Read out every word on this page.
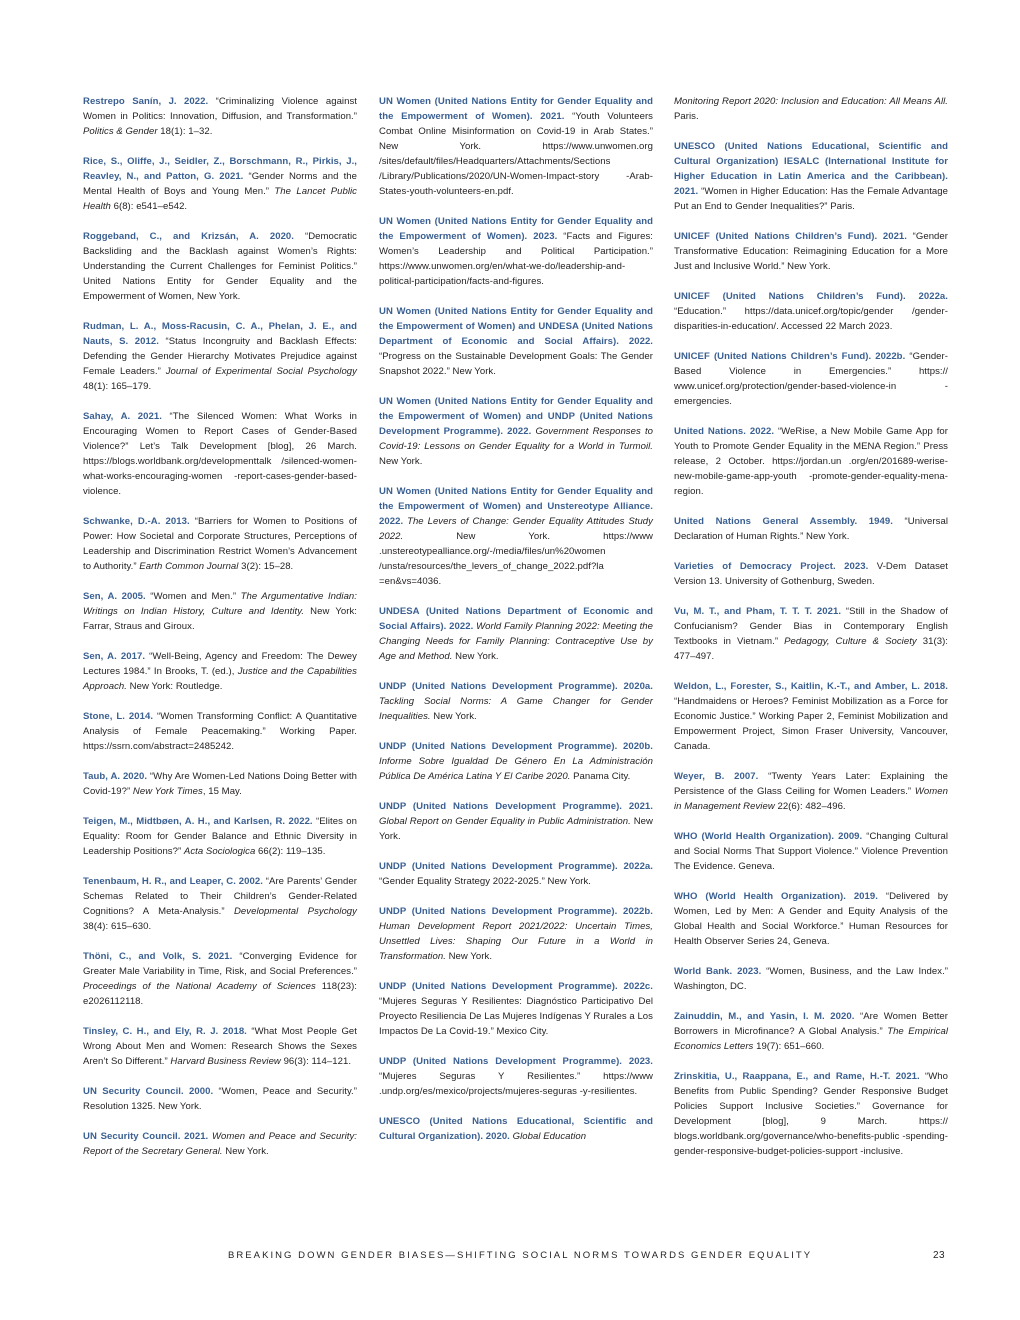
Restrepo Sanín, J. 2022. “Criminalizing Violence against Women in Politics: Innovation, Diffusion, and Transformation.” Politics & Gender 18(1): 1–32.

Rice, S., Oliffe, J., Seidler, Z., Borschmann, R., Pirkis, J., Reavley, N., and Patton, G. 2021. “Gender Norms and the Mental Health of Boys and Young Men.” The Lancet Public Health 6(8): e541–e542.

Roggeband, C., and Krizsán, A. 2020. “Democratic Backsliding and the Backlash against Women’s Rights: Understanding the Current Challenges for Feminist Politics.” United Nations Entity for Gender Equality and the Empowerment of Women, New York.

Rudman, L. A., Moss-Racusin, C. A., Phelan, J. E., and Nauts, S. 2012. “Status Incongruity and Backlash Effects: Defending the Gender Hierarchy Motivates Prejudice against Female Leaders.” Journal of Experimental Social Psychology 48(1): 165–179.

Sahay, A. 2021. “The Silenced Women: What Works in Encouraging Women to Report Cases of Gender-Based Violence?” Let’s Talk Development [blog], 26 March. https://blogs.worldbank.org/developmenttalk /silenced-women-what-works-encouraging-women -report-cases-gender-based-violence.

Schwanke, D.-A. 2013. “Barriers for Women to Positions of Power: How Societal and Corporate Structures, Perceptions of Leadership and Discrimination Restrict Women’s Advancement to Authority.” Earth Common Journal 3(2): 15–28.

Sen, A. 2005. “Women and Men.” The Argumentative Indian: Writings on Indian History, Culture and Identity. New York: Farrar, Straus and Giroux.

Sen, A. 2017. “Well-Being, Agency and Freedom: The Dewey Lectures 1984.” In Brooks, T. (ed.), Justice and the Capabilities Approach. New York: Routledge.

Stone, L. 2014. “Women Transforming Conflict: A Quantitative Analysis of Female Peacemaking.” Working Paper. https://ssrn.com/abstract=2485242.

Taub, A. 2020. “Why Are Women-Led Nations Doing Better with Covid-19?” New York Times, 15 May.

Teigen, M., Midtbøen, A. H., and Karlsen, R. 2022. “Elites on Equality: Room for Gender Balance and Ethnic Diversity in Leadership Positions?” Acta Sociologica 66(2): 119–135.

Tenenbaum, H. R., and Leaper, C. 2002. “Are Parents’ Gender Schemas Related to Their Children’s Gender-Related Cognitions? A Meta-Analysis.” Developmental Psychology 38(4): 615–630.

Thöni, C., and Volk, S. 2021. “Converging Evidence for Greater Male Variability in Time, Risk, and Social Preferences.” Proceedings of the National Academy of Sciences 118(23): e2026112118.

Tinsley, C. H., and Ely, R. J. 2018. “What Most People Get Wrong About Men and Women: Research Shows the Sexes Aren’t So Different.” Harvard Business Review 96(3): 114–121.

UN Security Council. 2000. “Women, Peace and Security.” Resolution 1325. New York.

UN Security Council. 2021. Women and Peace and Security: Report of the Secretary General. New York.

UN Women (United Nations Entity for Gender Equality and the Empowerment of Women). 2021. “Youth Volunteers Combat Online Misinformation on Covid-19 in Arab States.” New York. https://www.unwomen.org /sites/default/files/Headquarters/Attachments/Sections /Library/Publications/2020/UN-Women-Impact-story -Arab-States-youth-volunteers-en.pdf.

UN Women (United Nations Entity for Gender Equality and the Empowerment of Women). 2023. “Facts and Figures: Women’s Leadership and Political Participation.” https://www.unwomen.org/en/what-we-do/leadership-and-political-participation/facts-and-figures.

UN Women (United Nations Entity for Gender Equality and the Empowerment of Women) and UNDESA (United Nations Department of Economic and Social Affairs). 2022. “Progress on the Sustainable Development Goals: The Gender Snapshot 2022.” New York.

UN Women (United Nations Entity for Gender Equality and the Empowerment of Women) and UNDP (United Nations Development Programme). 2022. Government Responses to Covid-19: Lessons on Gender Equality for a World in Turmoil. New York.

UN Women (United Nations Entity for Gender Equality and the Empowerment of Women) and Unstereotype Alliance. 2022. The Levers of Change: Gender Equality Attitudes Study 2022. New York. https://www .unstereotypealliance.org/-/media/files/un%20women /unsta/resources/the_levers_of_change_2022.pdf?la =en&vs=4036.

UNDESA (United Nations Department of Economic and Social Affairs). 2022. World Family Planning 2022: Meeting the Changing Needs for Family Planning: Contraceptive Use by Age and Method. New York.

UNDP (United Nations Development Programme). 2020a. Tackling Social Norms: A Game Changer for Gender Inequalities. New York.

UNDP (United Nations Development Programme). 2020b. Informe Sobre Igualdad De Género En La Administración Pública De América Latina Y El Caribe 2020. Panama City.

UNDP (United Nations Development Programme). 2021. Global Report on Gender Equality in Public Administration. New York.

UNDP (United Nations Development Programme). 2022a. “Gender Equality Strategy 2022-2025.” New York.

UNDP (United Nations Development Programme). 2022b. Human Development Report 2021/2022: Uncertain Times, Unsettled Lives: Shaping Our Future in a World in Transformation. New York.

UNDP (United Nations Development Programme). 2022c. “Mujeres Seguras Y Resilientes: Diagnóstico Participativo Del Proyecto Resiliencia De Las Mujeres Indígenas Y Rurales a Los Impactos De La Covid-19.” Mexico City.

UNDP (United Nations Development Programme). 2023. “Mujeres Seguras Y Resilientes.” https://www .undp.org/es/mexico/projects/mujeres-seguras -y-resilientes.

UNESCO (United Nations Educational, Scientific and Cultural Organization). 2020. Global Education

Monitoring Report 2020: Inclusion and Education: All Means All. Paris.

UNESCO (United Nations Educational, Scientific and Cultural Organization) IESALC (International Institute for Higher Education in Latin America and the Caribbean). 2021. “Women in Higher Education: Has the Female Advantage Put an End to Gender Inequalities?” Paris.

UNICEF (United Nations Children’s Fund). 2021. “Gender Transformative Education: Reimagining Education for a More Just and Inclusive World.” New York.

UNICEF (United Nations Children’s Fund). 2022a. “Education.” https://data.unicef.org/topic/gender /gender-disparities-in-education/. Accessed 22 March 2023.

UNICEF (United Nations Children’s Fund). 2022b. “Gender-Based Violence in Emergencies.” https:// www.unicef.org/protection/gender-based-violence-in -emergencies.

United Nations. 2022. “WeRise, a New Mobile Game App for Youth to Promote Gender Equality in the MENA Region.” Press release, 2 October. https://jordan.un .org/en/201689-werise-new-mobile-game-app-youth -promote-gender-equality-mena-region.

United Nations General Assembly. 1949. “Universal Declaration of Human Rights.” New York.

Varieties of Democracy Project. 2023. V-Dem Dataset Version 13. University of Gothenburg, Sweden.

Vu, M. T., and Pham, T. T. T. 2021. “Still in the Shadow of Confucianism? Gender Bias in Contemporary English Textbooks in Vietnam.” Pedagogy, Culture & Society 31(3): 477–497.

Weldon, L., Forester, S., Kaitlin, K.-T., and Amber, L. 2018. “Handmaidens or Heroes? Feminist Mobilization as a Force for Economic Justice.” Working Paper 2, Feminist Mobilization and Empowerment Project, Simon Fraser University, Vancouver, Canada.

Weyer, B. 2007. “Twenty Years Later: Explaining the Persistence of the Glass Ceiling for Women Leaders.” Women in Management Review 22(6): 482–496.

WHO (World Health Organization). 2009. “Changing Cultural and Social Norms That Support Violence.” Violence Prevention The Evidence. Geneva.

WHO (World Health Organization). 2019. “Delivered by Women, Led by Men: A Gender and Equity Analysis of the Global Health and Social Workforce.” Human Resources for Health Observer Series 24, Geneva.

World Bank. 2023. “Women, Business, and the Law Index.” Washington, DC.

Zainuddin, M., and Yasin, I. M. 2020. “Are Women Better Borrowers in Microfinance? A Global Analysis.” The Empirical Economics Letters 19(7): 651–660.

Zrinskitia, U., Raappana, E., and Rame, H.-T. 2021. “Who Benefits from Public Spending? Gender Responsive Budget Policies Support Inclusive Societies.” Governance for Development [blog], 9 March. https:// blogs.worldbank.org/governance/who-benefits-public -spending-gender-responsive-budget-policies-support -inclusive.

BREAKING DOWN GENDER BIASES—SHIFTING SOCIAL NORMS TOWARDS GENDER EQUALITY	23
